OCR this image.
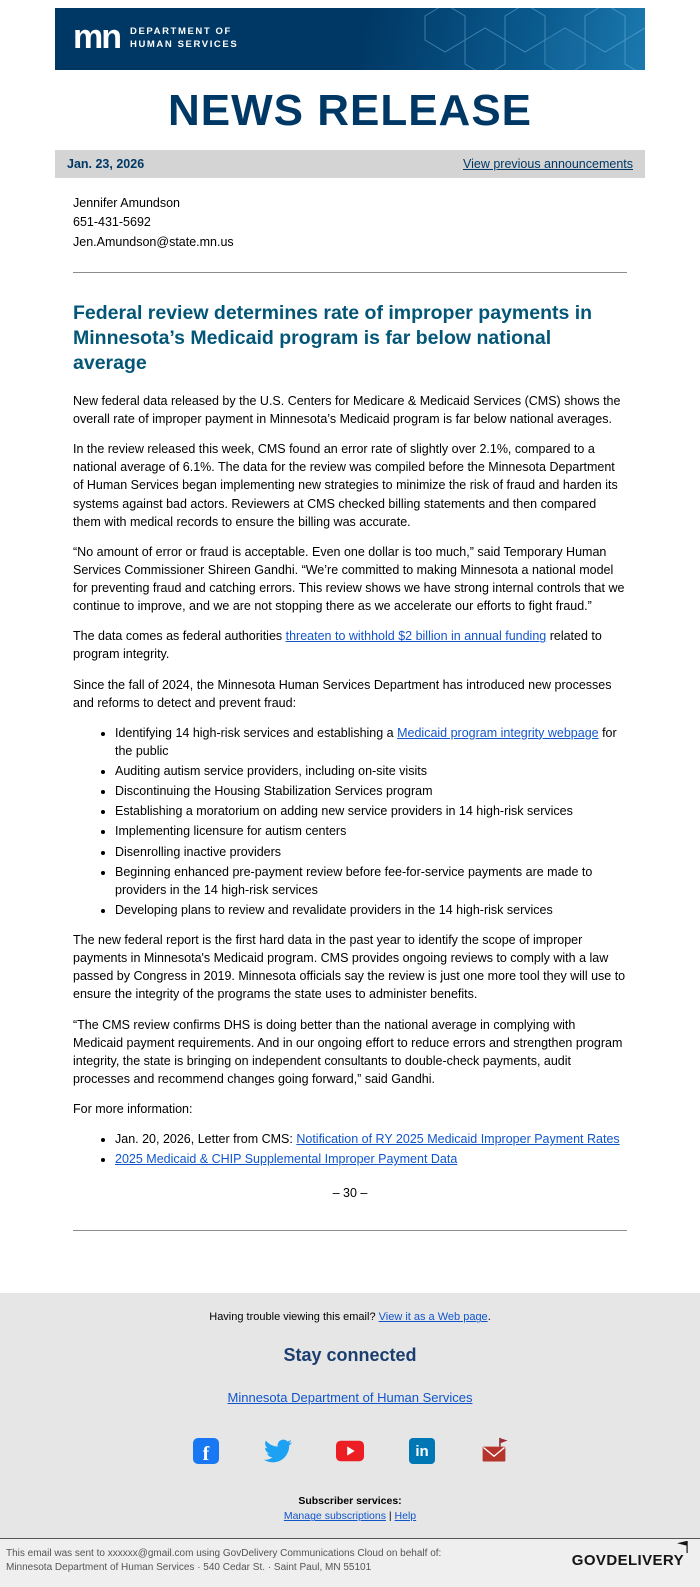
mn DEPARTMENT OF
HUMAN SERVICES
NEWS RELEASE
Jan. 23, 2026	View previous announcements
Jennifer Amundson
651-431-5692
Jen.Amundson@state.mn.us
Federal review determines rate of improper payments in Minnesota’s Medicaid program is far below national average

New federal data released by the U.S. Centers for Medicare & Medicaid Services (CMS) shows the overall rate of improper payment in Minnesota’s Medicaid program is far below national averages.

In the review released this week, CMS found an error rate of slightly over 2.1%, compared to a national average of 6.1%. The data for the review was compiled before the Minnesota Department of Human Services began implementing new strategies to minimize the risk of fraud and harden its systems against bad actors. Reviewers at CMS checked billing statements and then compared them with medical records to ensure the billing was accurate.

“No amount of error or fraud is acceptable. Even one dollar is too much,” said Temporary Human Services Commissioner Shireen Gandhi. “We’re committed to making Minnesota a national model for preventing fraud and catching errors. This review shows we have strong internal controls that we continue to improve, and we are not stopping there as we accelerate our efforts to fight fraud.”

The data comes as federal authorities threaten to withhold $2 billion in annual funding related to program integrity.

Since the fall of 2024, the Minnesota Human Services Department has introduced new processes and reforms to detect and prevent fraud:

• Identifying 14 high-risk services and establishing a Medicaid program integrity webpage for the public
• Auditing autism service providers, including on-site visits
• Discontinuing the Housing Stabilization Services program
• Establishing a moratorium on adding new service providers in 14 high-risk services
• Implementing licensure for autism centers
• Disenrolling inactive providers
• Beginning enhanced pre-payment review before fee-for-service payments are made to providers in the 14 high-risk services
• Developing plans to review and revalidate providers in the 14 high-risk services

The new federal report is the first hard data in the past year to identify the scope of improper payments in Minnesota's Medicaid program. CMS provides ongoing reviews to comply with a law passed by Congress in 2019. Minnesota officials say the review is just one more tool they will use to ensure the integrity of the programs the state uses to administer benefits.

“The CMS review confirms DHS is doing better than the national average in complying with Medicaid payment requirements. And in our ongoing effort to reduce errors and strengthen program integrity, the state is bringing on independent consultants to double-check payments, audit processes and recommend changes going forward,” said Gandhi.

For more information:

• Jan. 20, 2026, Letter from CMS: Notification of RY 2025 Medicaid Improper Payment Rates
• 2025 Medicaid & CHIP Supplemental Improper Payment Data
– 30 –
Having trouble viewing this email? View it as a Web page.
Stay connected
Minnesota Department of Human Services
f	in
Subscriber services:
Manage subscriptions | Help
This email was sent to xxxxxx@gmail.com using GovDelivery Communications Cloud on behalf of: Minnesota Department of Human Services · 540 Cedar St. · Saint Paul, MN 55101	GOVDELIVERY
